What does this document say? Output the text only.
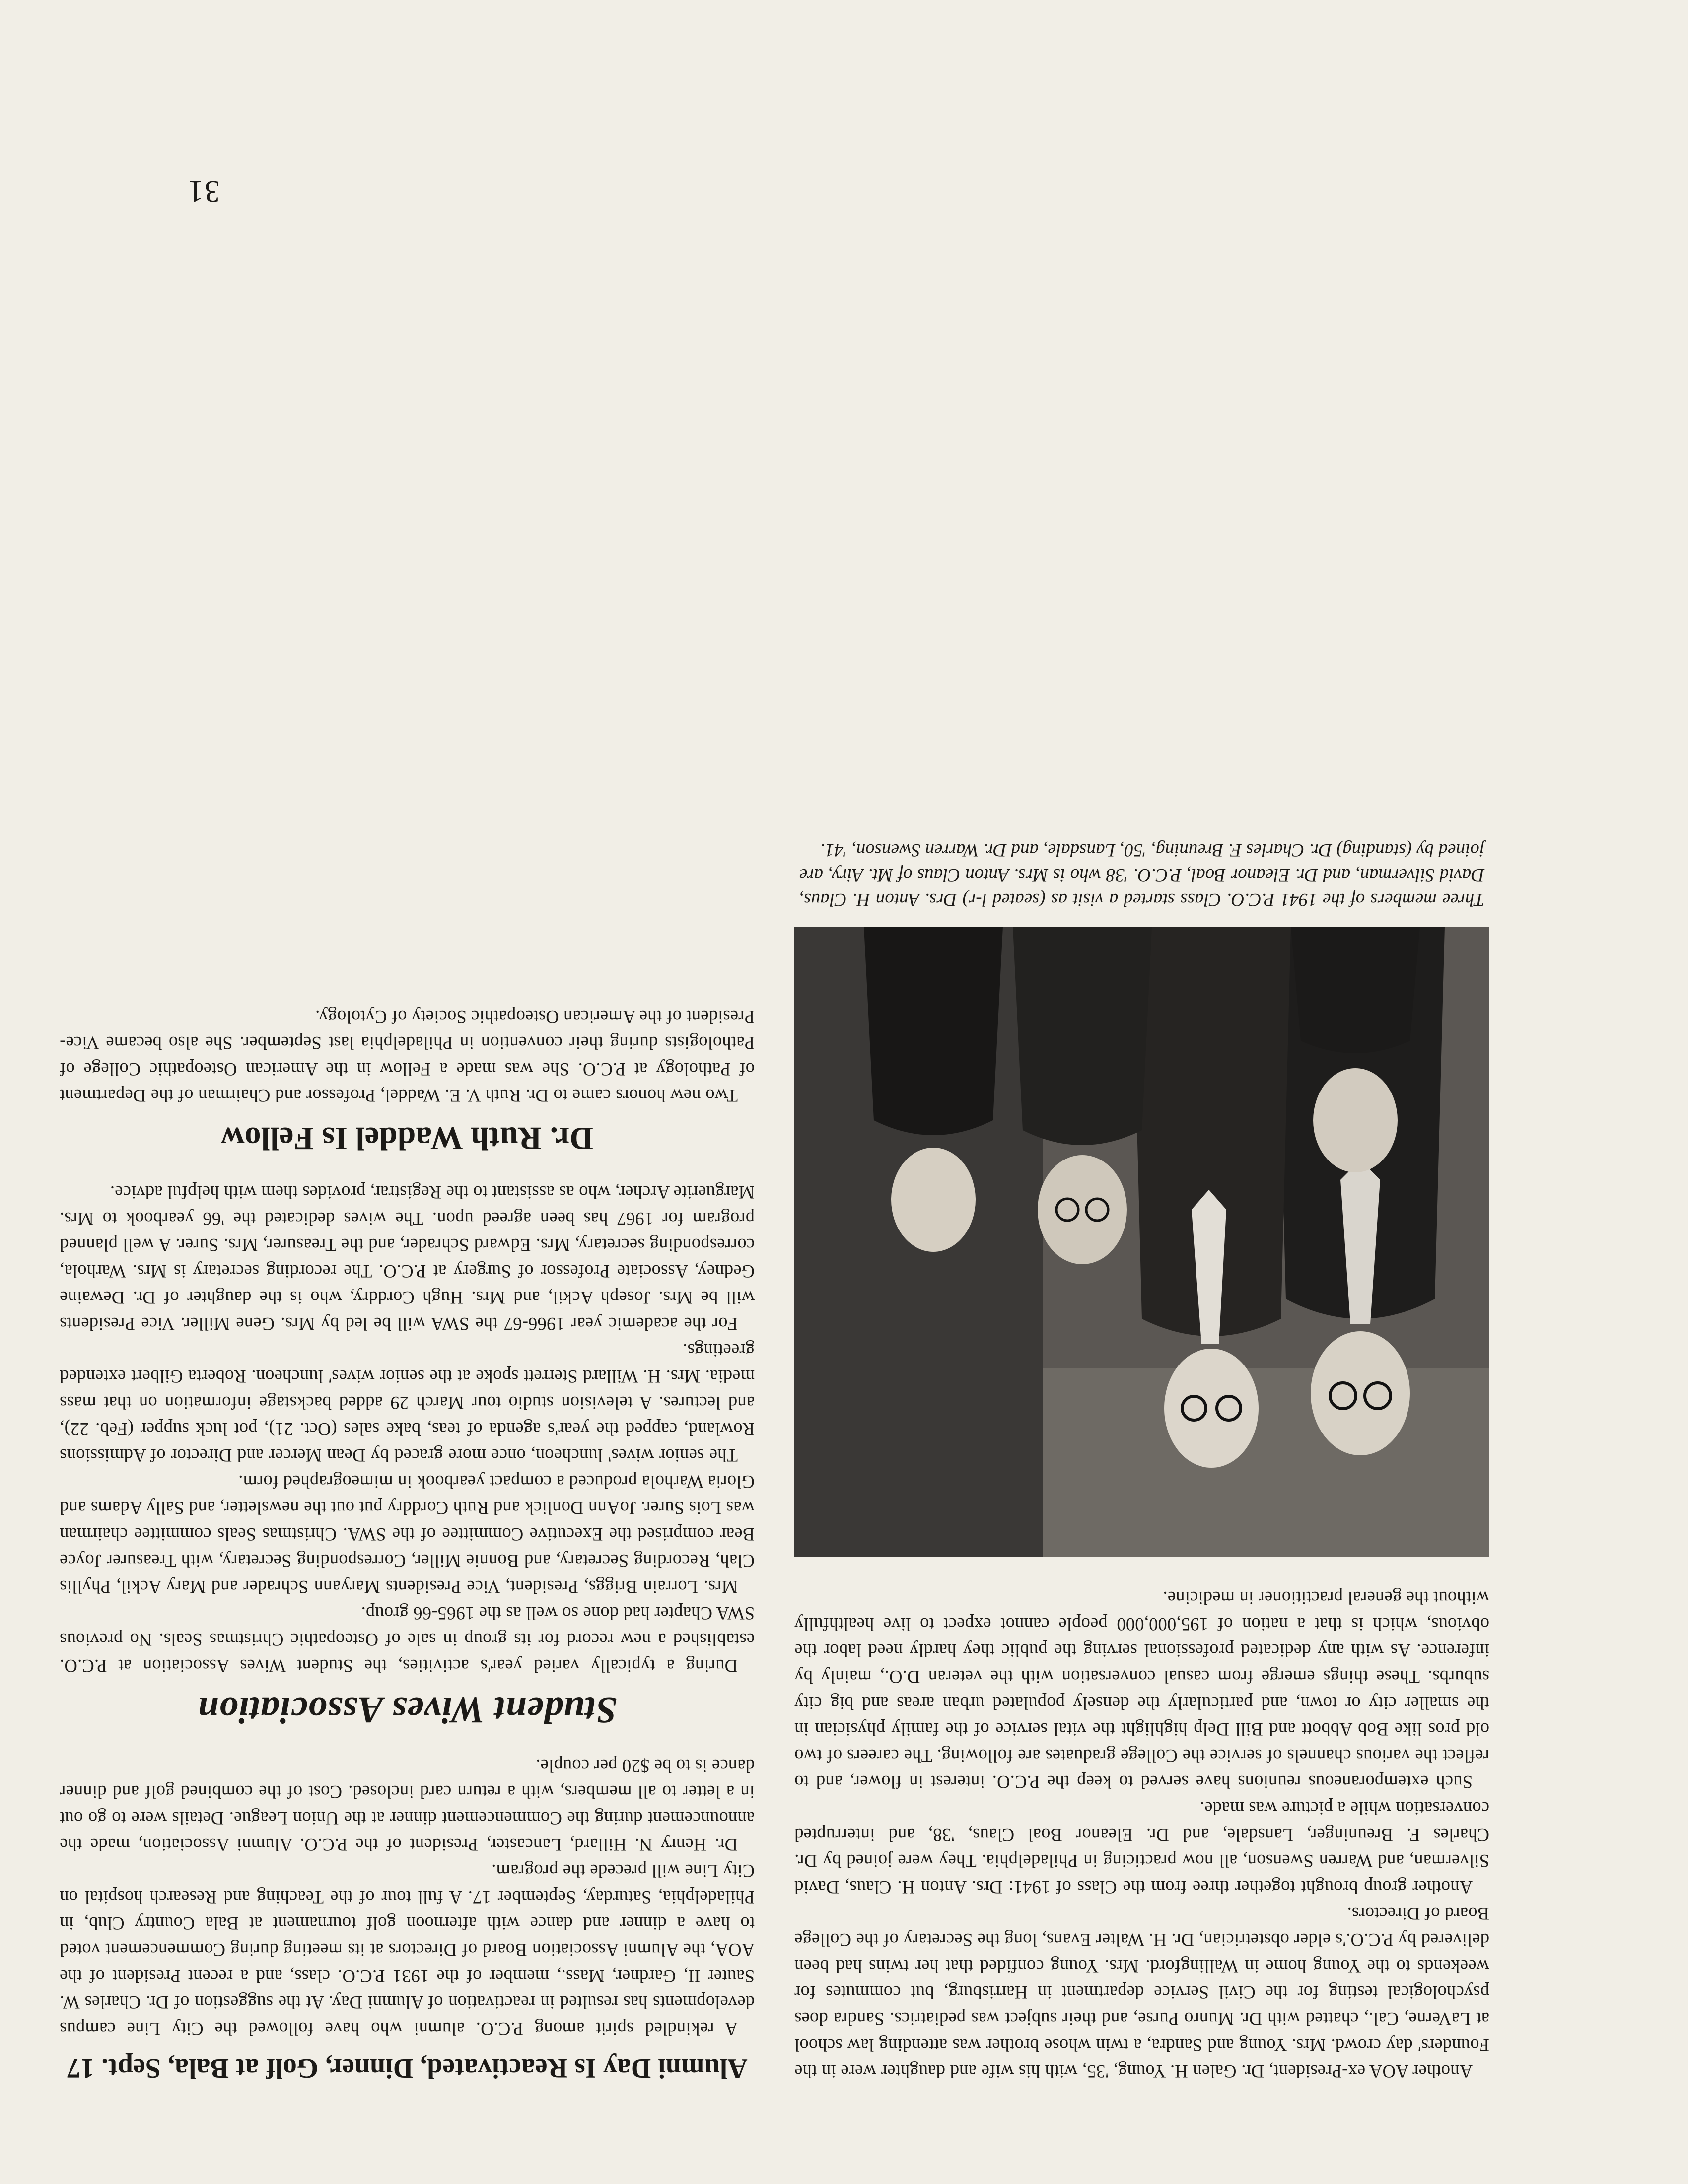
Another AOA ex-President, Dr. Galen H. Young, '35, with his wife and daughter were in the Founders' day crowd. Mrs. Young and Sandra, a twin whose brother was attending law school at LaVerne, Cal., chatted with Dr. Munro Purse, and their subject was pediatrics. Sandra does psychological testing for the Civil Service department in Harrisburg, but commutes for weekends to the Young home in Wallingford. Mrs. Young confided that her twins had been delivered by P.C.O.'s elder obstetrician, Dr. H. Walter Evans, long the Secretary of the College Board of Directors.

Another group brought together three from the Class of 1941: Drs. Anton H. Claus, David Silverman, and Warren Swenson, all now practicing in Philadelphia. They were joined by Dr. Charles F. Breuninger, Lansdale, and Dr. Eleanor Boal Claus, '38, and interrupted conversation while a picture was made.

Such extemporaneous reunions have served to keep the P.C.O. interest in flower, and to reflect the various channels of service the College graduates are following. The careers of two old pros like Bob Abbott and Bill Delp highlight the vital service of the family physician in the smaller city or town, and particularly the densely populated urban areas and big city suburbs. These things emerge from casual conversation with the veteran D.O., mainly by inference. As with any dedicated professional serving the public they hardly need labor the obvious, which is that a nation of 195,000,000 people cannot expect to live healthfully without the general practitioner in medicine.

Three members of the 1941 P.C.O. Class started a visit as (seated l-r) Drs. Anton H. Claus, David Silverman, and Dr. Eleanor Boal, P.C.O. '38 who is Mrs. Anton Claus of Mt. Airy, are joined by (standing) Dr. Charles F. Breuning, '50, Lansdale, and Dr. Warren Swenson, '41.

Alumni Day Is Reactivated, Dinner, Golf at Bala, Sept. 17

A rekindled spirit among P.C.O. alumni who have followed the City Line campus developments has resulted in reactivation of Alumni Day. At the suggestion of Dr. Charles W. Sauter II, Gardner, Mass., member of the 1931 P.C.O. class, and a recent President of the AOA, the Alumni Association Board of Directors at its meeting during Commencement voted to have a dinner and dance with afternoon golf tournament at Bala Country Club, in Philadelphia, Saturday, September 17. A full tour of the Teaching and Research hospital on City Line will precede the program.

Dr. Henry N. Hillard, Lancaster, President of the P.C.O. Alumni Association, made the announcement during the Commencement dinner at the Union League. Details were to go out in a letter to all members, with a return card inclosed. Cost of the combined golf and dinner dance is to be $20 per couple.

Student Wives Association

During a typically varied year's activities, the Student Wives Association at P.C.O. established a new record for its group in sale of Osteopathic Christmas Seals. No previous SWA Chapter had done so well as the 1965-66 group.

Mrs. Lorrain Briggs, President, Vice Presidents Maryann Schrader and Mary Ackil, Phyllis Clah, Recording Secretary, and Bonnie Miller, Corresponding Secretary, with Treasurer Joyce Bear comprised the Executive Committee of the SWA. Christmas Seals committee chairman was Lois Surer. JoAnn Donlick and Ruth Corddry put out the newsletter, and Sally Adams and Gloria Warhola produced a compact yearbook in mimeographed form.

The senior wives' luncheon, once more graced by Dean Mercer and Director of Admissions Rowland, capped the year's agenda of teas, bake sales (Oct. 21), pot luck supper (Feb. 22), and lectures. A television studio tour March 29 added backstage information on that mass media. Mrs. H. Willard Sterrett spoke at the senior wives' luncheon. Roberta Gilbert extended greetings.

For the academic year 1966-67 the SWA will be led by Mrs. Gene Miller. Vice Presidents will be Mrs. Joseph Ackil, and Mrs. Hugh Corddry, who is the daughter of Dr. Dewaine Gedney, Associate Professor of Surgery at P.C.O. The recording secretary is Mrs. Warhola, corresponding secretary, Mrs. Edward Schrader, and the Treasurer, Mrs. Surer. A well planned program for 1967 has been agreed upon. The wives dedicated the '66 yearbook to Mrs. Marguerite Archer, who as assistant to the Registrar, provides them with helpful advice.

Dr. Ruth Waddel Is Fellow

Two new honors came to Dr. Ruth V. E. Waddel, Professor and Chairman of the Department of Pathology at P.C.O. She was made a Fellow in the American Osteopathic College of Pathologists during their convention in Philadelphia last September. She also became Vice-President of the American Osteopathic Society of Cytology.

31
